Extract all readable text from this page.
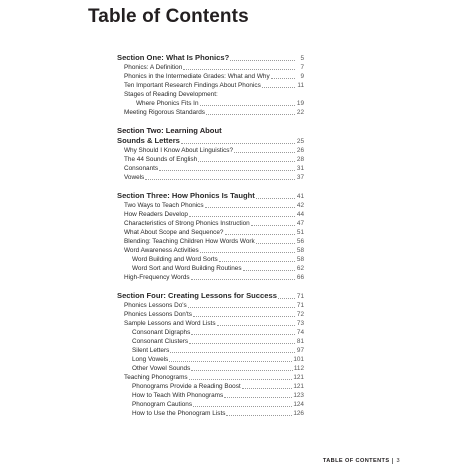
Table of Contents
Section One: What Is Phonics?	5
Phonics: A Definition	7
Phonics in the Intermediate Grades: What and Why	9
Ten Important Research Findings About Phonics	11
Stages of Reading Development:
Where Phonics Fits In	19
Meeting Rigorous Standards	22
Section Two: Learning About
Sounds & Letters	25
Why Should I Know About Linguistics?	26
The 44 Sounds of English	28
Consonants	31
Vowels	37
Section Three: How Phonics Is Taught	41
Two Ways to Teach Phonics	42
How Readers Develop	44
Characteristics of Strong Phonics Instruction	47
What About Scope and Sequence?	51
Blending: Teaching Children How Words Work	56
Word Awareness Activities	58
Word Building and Word Sorts	58
Word Sort and Word Building Routines	62
High-Frequency Words	66
Section Four: Creating Lessons for Success	71
Phonics Lessons Do's	71
Phonics Lessons Don'ts	72
Sample Lessons and Word Lists	73
Consonant Digraphs	74
Consonant Clusters	81
Silent Letters	97
Long Vowels	101
Other Vowel Sounds	112
Teaching Phonograms	121
Phonograms Provide a Reading Boost	121
How to Teach With Phonograms	123
Phonogram Cautions	124
How to Use the Phonogram Lists	126
TABLE OF CONTENTS	3
